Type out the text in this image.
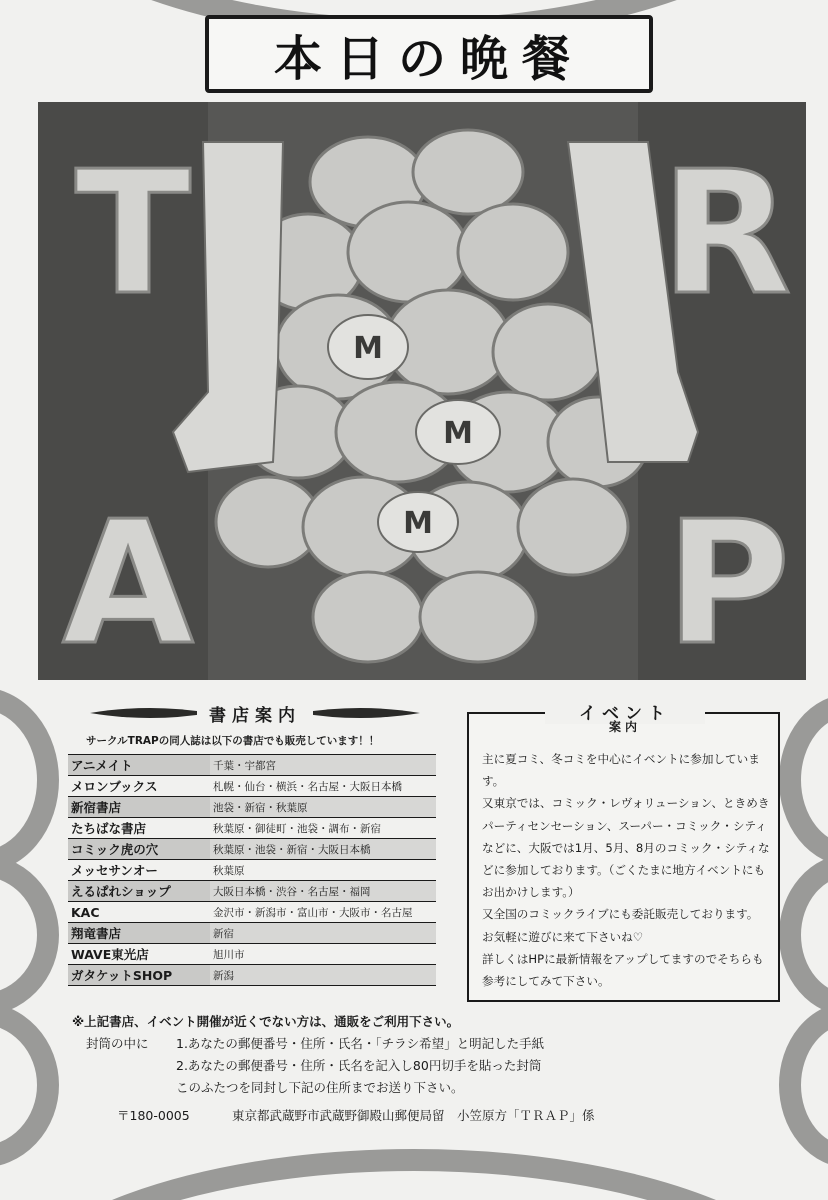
本日の晩餐
M
M
M
T	R
A	P
書店案内
サークルTRAPの同人誌は以下の書店でも販売しています！！
アニメイト	千葉・宇都宮
メロンブックス	札幌・仙台・横浜・名古屋・大阪日本橋
新宿書店	池袋・新宿・秋葉原
たちばな書店	秋葉原・御徒町・池袋・調布・新宿
コミック虎の穴	秋葉原・池袋・新宿・大阪日本橋
メッセサンオー	秋葉原
えるぱれショップ	大阪日本橋・渋谷・名古屋・福岡
KAC	金沢市・新潟市・富山市・大阪市・名古屋
翔竜書店	新宿
WAVE東光店	旭川市
ガタケットSHOP	新潟
イベント
案内

主に夏コミ、冬コミを中心にイベントに参加しています。

又東京では、コミック・レヴォリューション、ときめきパーティセンセーション、スーパー・コミック・シティなどに、大阪では1月、5月、8月のコミック・シティなどに参加しております。（ごくたまに地方イベントにもお出かけします。）

又全国のコミックライブにも委託販売しております。

お気軽に遊びに来て下さいね♡

詳しくはHPに最新情報をアップしてますのでそちらも参考にしてみて下さい。

※上記書店、イベント開催が近くでない方は、通販をご利用下さい。
封筒の中に 1.あなたの郵便番号・住所・氏名・「チラシ希望」と明記した手紙
2.あなたの郵便番号・住所・氏名を記入し80円切手を貼った封筒
このふたつを同封し下記の住所までお送り下さい。
〒180-0005	東京都武蔵野市武蔵野御殿山郵便局留　小笠原方「ＴＲＡＰ」係
